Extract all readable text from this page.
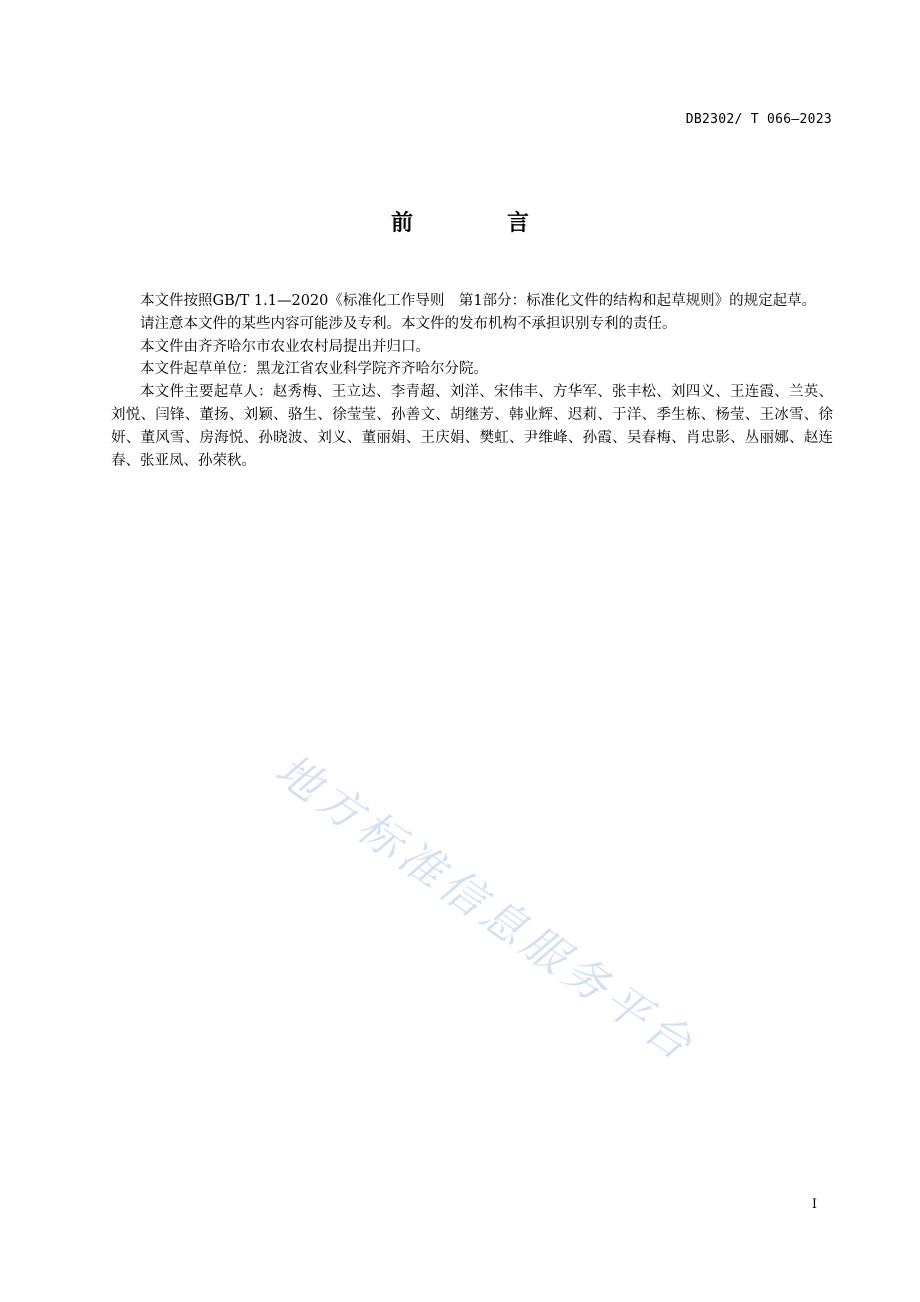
DB2302/ T 066—2023
前　言

本文件按照GB/T 1.1—2020《标准化工作导则　第1部分：标准化文件的结构和起草规则》的规定起草。

请注意本文件的某些内容可能涉及专利。本文件的发布机构不承担识别专利的责任。

本文件由齐齐哈尔市农业农村局提出并归口。

本文件起草单位：黑龙江省农业科学院齐齐哈尔分院。

本文件主要起草人：赵秀梅、王立达、李青超、刘洋、宋伟丰、方华军、张丰松、刘四义、王连霞、兰英、刘悦、闫锋、董扬、刘颖、骆生、徐莹莹、孙善文、胡继芳、韩业辉、迟莉、于洋、季生栋、杨莹、王冰雪、徐妍、董风雪、房海悦、孙晓波、刘义、董丽娟、王庆娟、樊虹、尹维峰、孙霞、吴春梅、肖忠影、丛丽娜、赵连春、张亚凤、孙荣秋。

地方标准信息服务平台
I
